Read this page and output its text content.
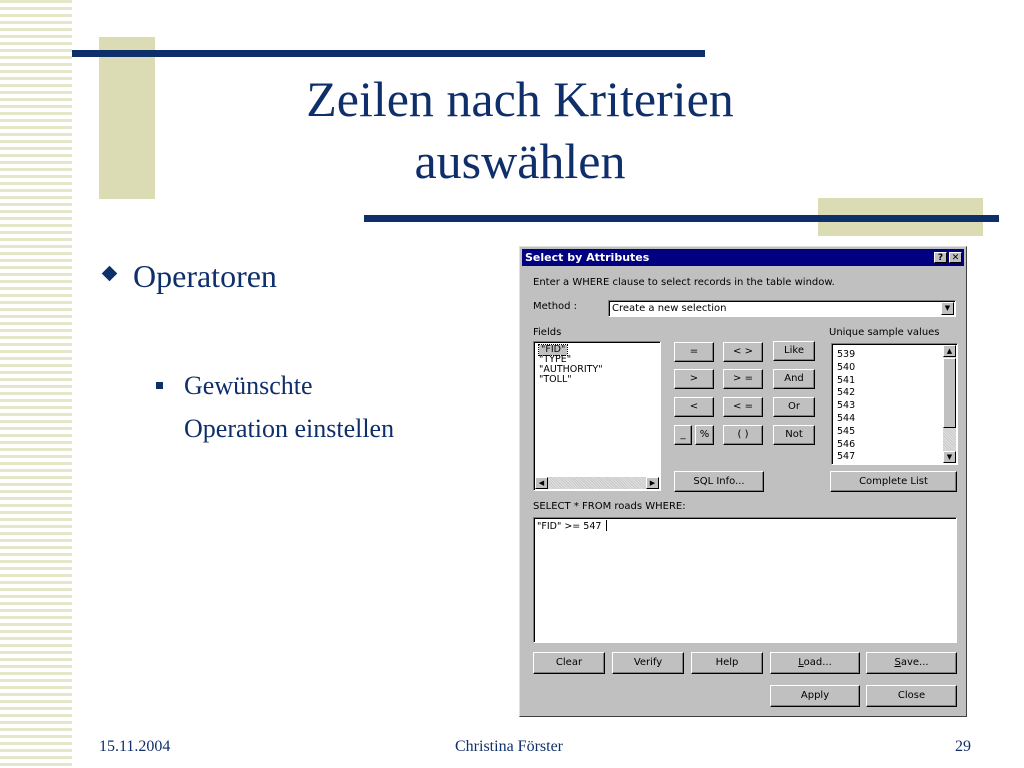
Zeilen nach Kriterien
auswählen
Operatoren
Gewünschte Operation einstellen
15.11.2004	Christina Förster	29
Select by Attributes	? ✕
Enter a WHERE clause to select records in the table window.
Method :	Create a new selection	▼
Fields
"FID"
"TYPE"
"AUTHORITY"
"TOLL"
◀	▶
=	< >	Like
>	> =	And
<	< =	Or
_	%	( )	Not
SQL Info...
Unique sample values
539
540
541
542
543
544
545
546
547
▲
▼
Complete List
SELECT * FROM roads WHERE:
"FID" >= 547
Clear	Verify	Help	Load...	Save...
Apply	Close
